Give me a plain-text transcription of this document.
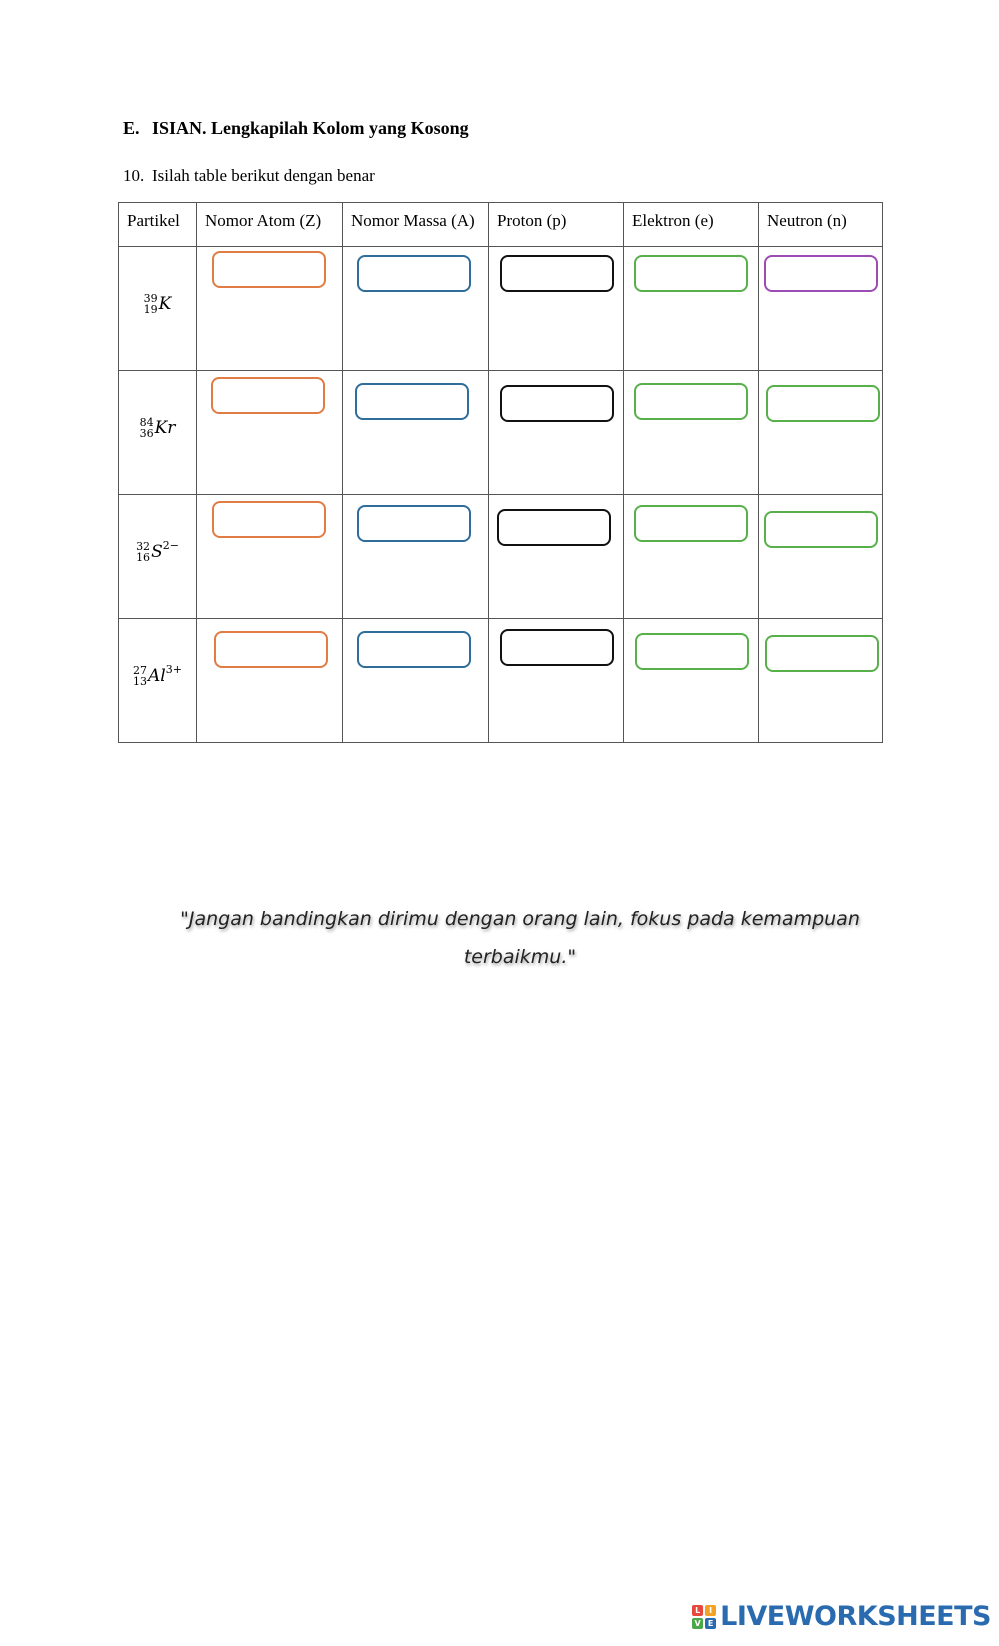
E. ISIAN. Lengkapilah Kolom yang Kosong
10. Isilah table berikut dengan benar
Partikel	Nomor Atom (Z)	Nomor Massa (A)	Proton (p)	Elektron (e)	Neutron (n)

39
19 K					

84
36 Kr					

32
16 S 2−					

27
13 Al 3+					

"Jangan bandingkan dirimu dengan orang lain, fokus pada kemampuan
terbaikmu."
L	I
V E LIVEWORKSHEETS
